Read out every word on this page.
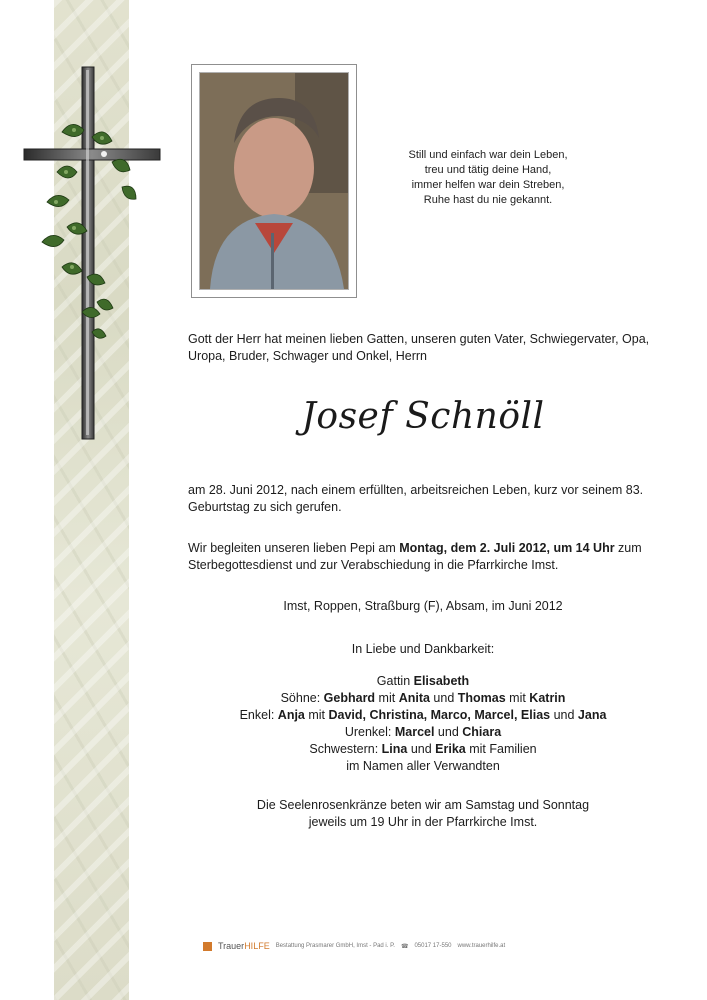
Still und einfach war dein Leben,
treu und tätig deine Hand,
immer helfen war dein Streben,
Ruhe hast du nie gekannt.
Gott der Herr hat meinen lieben Gatten, unseren guten Vater, Schwiegervater, Opa, Uropa, Bruder, Schwager und Onkel, Herrn
Josef Schnöll
am 28. Juni 2012, nach einem erfüllten, arbeitsreichen Leben, kurz vor seinem 83. Geburtstag zu sich gerufen.
Wir begleiten unseren lieben Pepi am Montag, dem 2. Juli 2012, um 14 Uhr zum Sterbegottesdienst und zur Verabschiedung in die Pfarrkirche Imst.
Imst, Roppen, Straßburg (F), Absam, im Juni 2012
In Liebe und Dankbarkeit:
Gattin Elisabeth
Söhne: Gebhard mit Anita und Thomas mit Katrin
Enkel: Anja mit David, Christina, Marco, Marcel, Elias und Jana
Urenkel: Marcel und Chiara
Schwestern: Lina und Erika mit Familien
im Namen aller Verwandten
Die Seelenrosenkränze beten wir am Samstag und Sonntag
jeweils um 19 Uhr in der Pfarrkirche Imst.
TrauerHILFE Bestattung Prasmarer GmbH, Imst - Pad i. P. ☎ 05017 17-550 www.trauerhilfe.at
